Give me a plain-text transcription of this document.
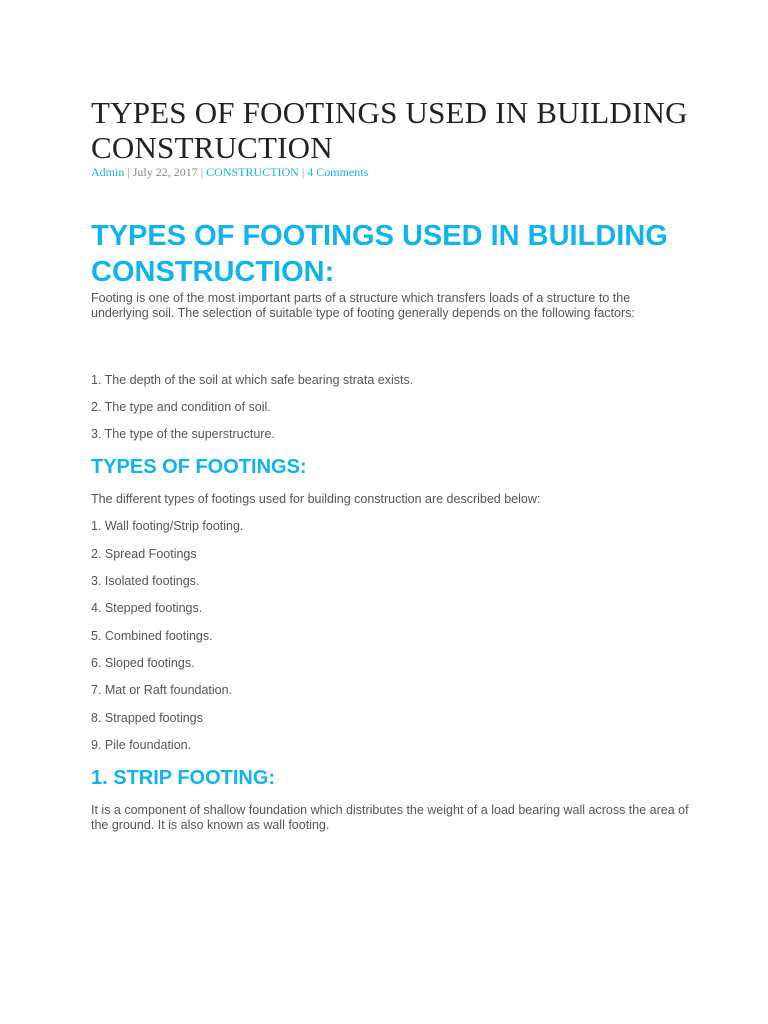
TYPES OF FOOTINGS USED IN BUILDING CONSTRUCTION
Admin | July 22, 2017 | CONSTRUCTION | 4 Comments
TYPES OF FOOTINGS USED IN BUILDING CONSTRUCTION:

Footing is one of the most important parts of a structure which transfers loads of a structure to the underlying soil. The selection of suitable type of footing generally depends on the following factors:

1. The depth of the soil at which safe bearing strata exists.

2. The type and condition of soil.

3. The type of the superstructure.

TYPES OF FOOTINGS:

The different types of footings used for building construction are described below:

1. Wall footing/Strip footing.

2. Spread Footings

3. Isolated footings.

4. Stepped footings.

5. Combined footings.

6. Sloped footings.

7. Mat or Raft foundation.

8. Strapped footings

9. Pile foundation.

1. STRIP FOOTING:

It is a component of shallow foundation which distributes the weight of a load bearing wall across the area of the ground. It is also known as wall footing.
